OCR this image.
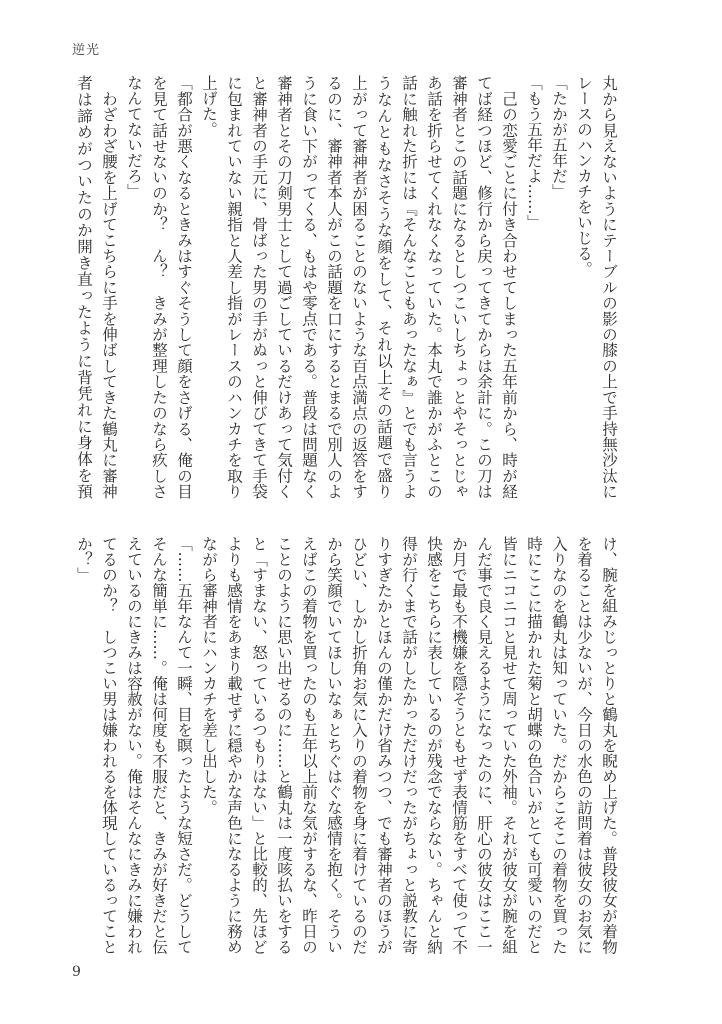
逆光
丸から見えないようにテーブルの影の膝の上で手持無沙汰に
レースのハンカチをいじる。
「たかが五年だ」
「もう五年だよ……」
　己の恋愛ごとに付き合わせてしまった五年前から、時が経
てば経つほど、修行から戻ってきてからは余計に。この刀は
審神者とこの話題になるとしつこいしちょっとやそっとじゃ
あ話を折らせてくれなくなっていた。本丸で誰かがふとこの
話に触れた折には『そんなこともあったなぁ』とでも言うよ
うなんともなさそうな顔をして、それ以上その話題で盛り
上がって審神者が困ることのないような百点満点の返答をす
るのに、審神者本人がこの話題を口にするとまるで別人のよ
うに食い下がってくる、もはや零点である。普段は問題なく
審神者とその刀剣男士として過ごしているだけあって気付く
と審神者の手元に、骨ばった男の手がぬっと伸びてきて手袋
に包まれていない親指と人差し指がレースのハンカチを取り
上げた。
「都合が悪くなるときみはすぐそうして顔をさげる、俺の目
を見て話せないのか？　ん？　きみが整理したのなら疚しさ
なんてないだろ」
　わざわざ腰を上げてこちらに手を伸ばしてきた鶴丸に審神
者は諦めがついたのか開き直ったように背凭れに身体を預
け、腕を組みじっとりと鶴丸を睨め上げた。普段彼女が着物
を着ることは少ないが、今日の水色の訪問着は彼女のお気に
入りなのを鶴丸は知っていた。だからこそこの着物を買った
時にここに描かれた菊と胡蝶の色合いがとても可愛いのだと
皆にニコニコと見せて周っていた外袖。それが彼女が腕を組
んだ事で良く見えるようになったのに、肝心の彼女はここ一
か月で最も不機嫌を隠そうともせず表情筋をすべて使って不
快感をこちらに表しているのが残念でならない。ちゃんと納
得が行くまで話がしたかっただけだったがちょっと説教に寄
りすぎたかとほんの僅かだけ省みつつ、でも審神者のほうが
ひどい、しかし折角お気に入りの着物を身に着けているのだ
から笑顔でいてほしいなぁとちぐはぐな感情を抱く。そうい
えばこの着物を買ったのも五年以上前な気がするな、昨日の
ことのように思い出せるのに……と鶴丸は一度咳払いをする
と「すまない、怒っているつもりはない」と比較的、先ほど
よりも感情をあまり載せずに穏やかな声色になるように務め
ながら審神者にハンカチを差し出した。
「……五年なんて一瞬、目を瞑ったような短さだ。どうして
そんな簡単に……。俺は何度も不服だと、きみが好きだと伝
えているのにきみは容赦がない。俺はそんなにきみに嫌われ
てるのか？　しつこい男は嫌われるを体現しているってこと
か？」
9
